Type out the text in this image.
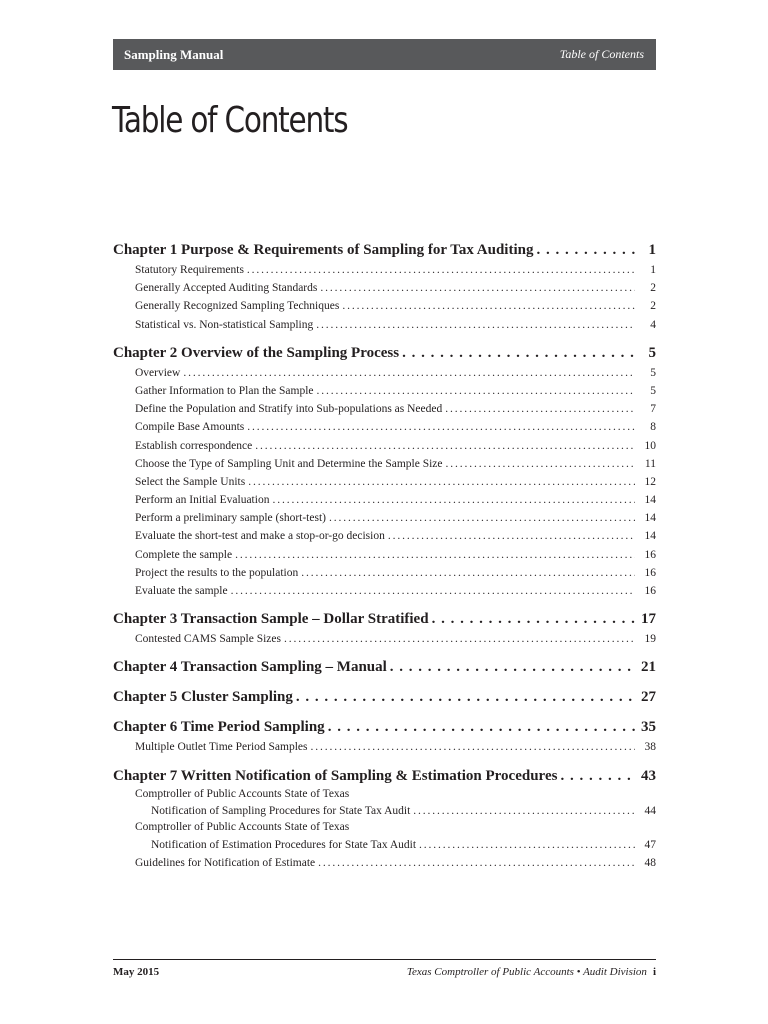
Sampling Manual	Table of Contents
Table of Contents
Chapter 1 Purpose & Requirements of Sampling for Tax Auditing . . .	1
Statutory Requirements . . .	1
Generally Accepted Auditing Standards . . .	2
Generally Recognized Sampling Techniques . . .	2
Statistical vs. Non-statistical Sampling . . .	4
Chapter 2 Overview of the Sampling Process . . .	5
Overview . . .	5
Gather Information to Plan the Sample . . .	5
Define the Population and Stratify into Sub-populations as Needed . . .	7
Compile Base Amounts . . .	8
Establish correspondence . . .	10
Choose the Type of Sampling Unit and Determine the Sample Size . . .	11
Select the Sample Units . . .	12
Perform an Initial Evaluation . . .	14
Perform a preliminary sample (short-test) . . .	14
Evaluate the short-test and make a stop-or-go decision . . .	14
Complete the sample . . .	16
Project the results to the population . . .	16
Evaluate the sample . . .	16
Chapter 3 Transaction Sample – Dollar Stratified . . .	17
Contested CAMS Sample Sizes . . .	19
Chapter 4 Transaction Sampling – Manual . . .	21
Chapter 5 Cluster Sampling . . .	27
Chapter 6 Time Period Sampling . . .	35
Multiple Outlet Time Period Samples . . .	38
Chapter 7 Written Notification of Sampling & Estimation Procedures . . .	43
Comptroller of Public Accounts State of Texas
Notification of Sampling Procedures for State Tax Audit . . .	44
Comptroller of Public Accounts State of Texas
Notification of Estimation Procedures for State Tax Audit . . .	47
Guidelines for Notification of Estimate . . .	48
May 2015	Texas Comptroller of Public Accounts • Audit Division i
